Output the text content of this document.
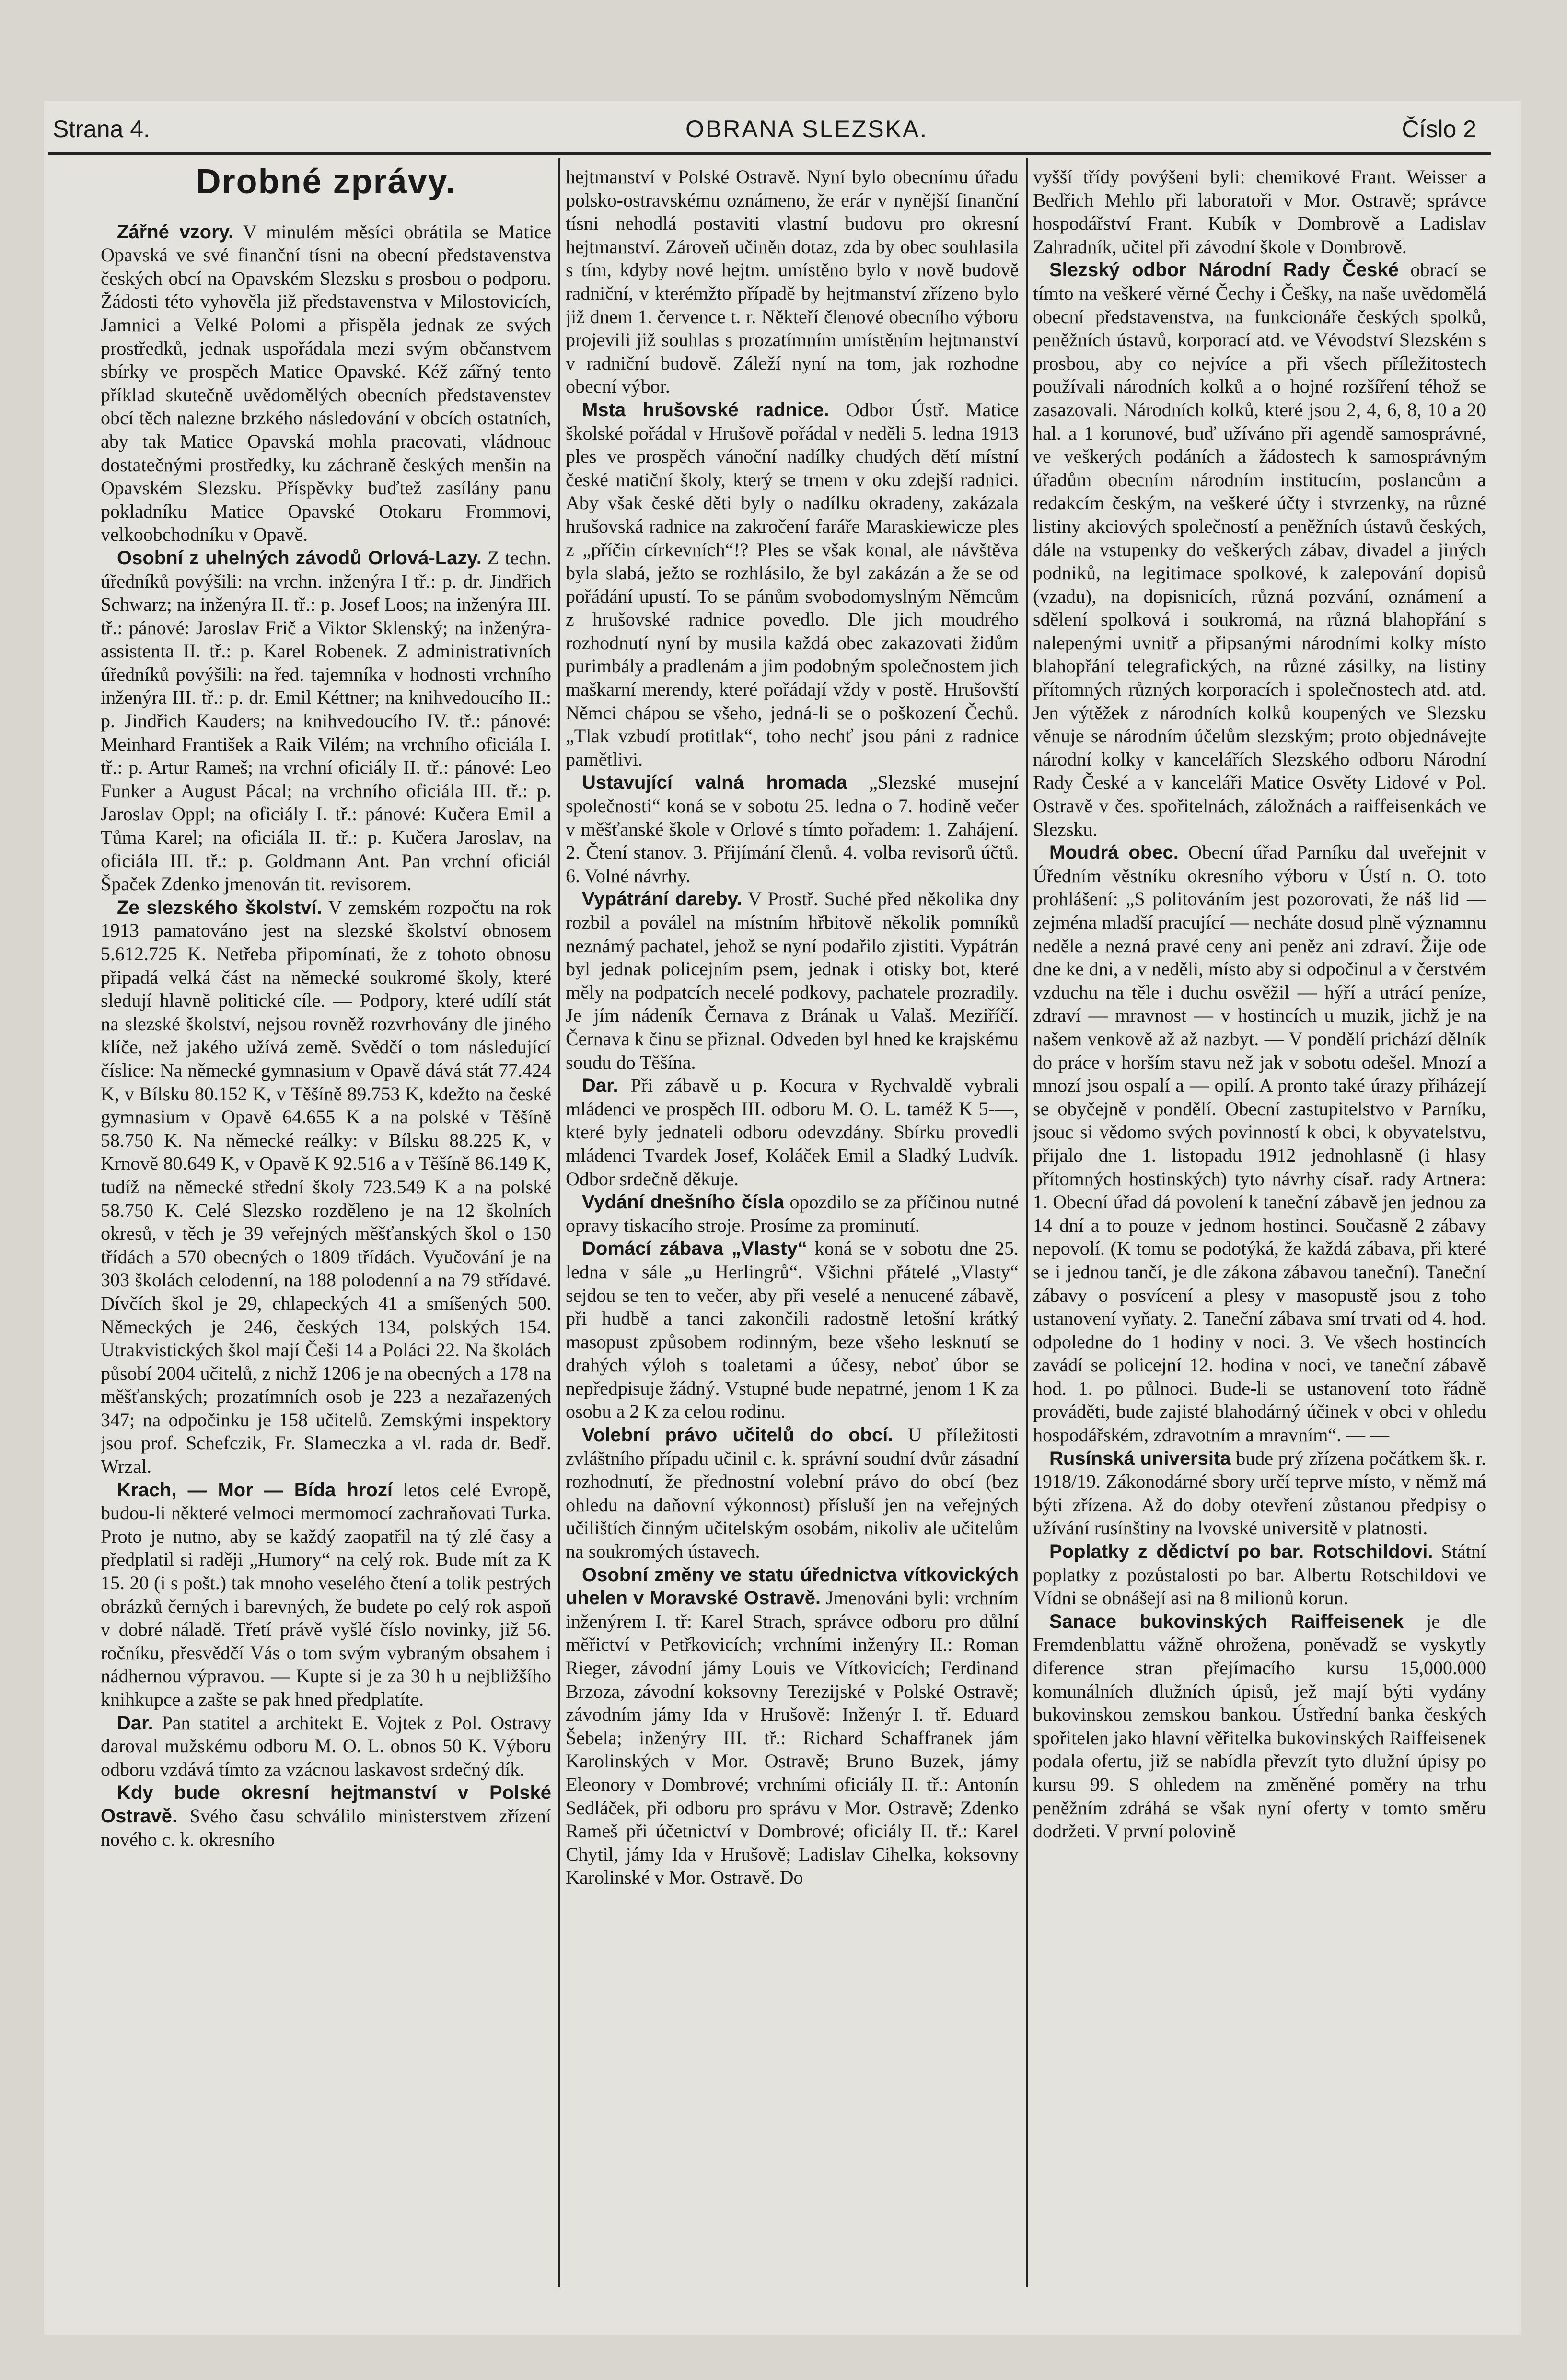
Strana 4.	OBRANA SLEZSKA.	Číslo 2
Drobné zprávy.

Zářné vzory. V minulém měsíci obrátila se Matice Opavská ve své finanční tísni na obecní představenstva českých obcí na Opavském Slezsku s prosbou o podporu. Žádosti této vyhověla již představenstva v Milostovicích, Jamnici a Velké Polomi a přispěla jednak ze svých prostředků, jednak uspořádala mezi svým občanstvem sbírky ve prospěch Matice Opavské. Kéž zářný tento příklad skutečně uvědomělých obecních představenstev obcí těch nalezne brzkého následování v obcích ostatních, aby tak Matice Opavská mohla pracovati, vládnouc dostatečnými prostředky, ku záchraně českých menšin na Opavském Slezsku. Příspěvky buďtež zasílány panu pokladníku Matice Opavské Otokaru Frommovi, velkoobchodníku v Opavě.

Osobní z uhelných závodů Orlová-Lazy. Z techn. úředníků povýšili: na vrchn. inženýra I tř.: p. dr. Jindřich Schwarz; na inženýra II. tř.: p. Josef Loos; na inženýra III. tř.: pánové: Jaroslav Frič a Viktor Sklenský; na inženýra-assistenta II. tř.: p. Karel Robenek. Z administrativních úředníků povýšili: na řed. tajemníka v hodnosti vrchního inženýra III. tř.: p. dr. Emil Kéttner; na knihvedoucího II.: p. Jindřich Kauders; na knihvedoucího IV. tř.: pánové: Meinhard František a Raik Vilém; na vrchního oficiála I. tř.: p. Artur Rameš; na vrchní oficiály II. tř.: pánové: Leo Funker a August Pácal; na vrchního oficiála III. tř.: p. Jaroslav Oppl; na oficiály I. tř.: pánové: Kučera Emil a Tůma Karel; na oficiála II. tř.: p. Kučera Jaroslav, na oficiála III. tř.: p. Goldmann Ant. Pan vrchní oficiál Špaček Zdenko jmenován tit. revisorem.

Ze slezského školství. V zemském rozpočtu na rok 1913 pamatováno jest na slezské školství obnosem 5.612.725 K. Netřeba připomínati, že z tohoto obnosu připadá velká část na německé soukromé školy, které sledují hlavně politické cíle. — Podpory, které udílí stát na slezské školství, nejsou rovněž rozvrhovány dle jiného klíče, než jakého užívá země. Svědčí o tom následující číslice: Na německé gymnasium v Opavě dává stát 77.424 K, v Bílsku 80.152 K, v Těšíně 89.753 K, kdežto na české gymnasium v Opavě 64.655 K a na polské v Těšíně 58.750 K. Na německé reálky: v Bílsku 88.225 K, v Krnově 80.649 K, v Opavě K 92.516 a v Těšíně 86.149 K, tudíž na německé střední školy 723.549 K a na polské 58.750 K. Celé Slezsko rozděleno je na 12 školních okresů, v těch je 39 veřejných měšťanských škol o 150 třídách a 570 obecných o 1809 třídách. Vyučování je na 303 školách celodenní, na 188 polodenní a na 79 střídavé. Dívčích škol je 29, chlapeckých 41 a smíšených 500. Německých je 246, českých 134, polských 154. Utrakvistických škol mají Češi 14 a Poláci 22. Na školách působí 2004 učitelů, z nichž 1206 je na obecných a 178 na měšťanských; prozatímních osob je 223 a nezařazených 347; na odpočinku je 158 učitelů. Zemskými inspektory jsou prof. Schefczik, Fr. Slameczka a vl. rada dr. Bedř. Wrzal.

Krach, — Mor — Bída hrozí letos celé Evropě, budou-li některé velmoci mermomocí zachraňovati Turka. Proto je nutno, aby se každý zaopatřil na tý zlé časy a předplatil si raději „Humory“ na celý rok. Bude mít za K 15. 20 (i s pošt.) tak mnoho veselého čtení a tolik pestrých obrázků černých i barevných, že budete po celý rok aspoň v dobré náladě. Třetí právě vyšlé číslo novinky, již 56. ročníku, přesvědčí Vás o tom svým vybraným obsahem i nádhernou výpravou. — Kupte si je za 30 h u nejbližšího knihkupce a zašte se pak hned předplatíte.

Dar. Pan statitel a architekt E. Vojtek z Pol. Ostravy daroval mužskému odboru M. O. L. obnos 50 K. Výboru odboru vzdává tímto za vzácnou laskavost srdečný dík.

Kdy bude okresní hejtmanství v Polské Ostravě. Svého času schválilo ministerstvem zřízení nového c. k. okresního

hejtmanství v Polské Ostravě. Nyní bylo obecnímu úřadu polsko-ostravskému oznámeno, že erár v nynější finanční tísni nehodlá postaviti vlastní budovu pro okresní hejtmanství. Zároveň učiněn dotaz, zda by obec souhlasila s tím, kdyby nové hejtm. umístěno bylo v nově budově radniční, v kterémžto případě by hejtmanství zřízeno bylo již dnem 1. července t. r. Někteří členové obecního výboru projevili již souhlas s prozatímním umístěním hejtmanství v radniční budově. Záleží nyní na tom, jak rozhodne obecní výbor.

Msta hrušovské radnice. Odbor Ústř. Matice školské pořádal v Hrušově pořádal v neděli 5. ledna 1913 ples ve prospěch vánoční nadílky chudých dětí místní české matiční školy, který se trnem v oku zdejší radnici. Aby však české děti byly o nadílku okradeny, zakázala hrušovská radnice na zakročení faráře Maraskiewicze ples z „příčin církevních“!? Ples se však konal, ale návštěva byla slabá, ježto se rozhlásilo, že byl zakázán a že se od pořádání upustí. To se pánům svobodomyslným Němcům z hrušovské radnice povedlo. Dle jich moudrého rozhodnutí nyní by musila každá obec zakazovati židům purimbály a pradlenám a jim podobným společnostem jich maškarní merendy, které pořádají vždy v postě. Hrušovští Němci chápou se všeho, jedná-li se o poškození Čechů. „Tlak vzbudí protitlak“, toho nechť jsou páni z radnice pamětlivi.

Ustavující valná hromada „Slezské musejní společnosti“ koná se v sobotu 25. ledna o 7. hodině večer v měšťanské škole v Orlové s tímto pořadem: 1. Zahájení. 2. Čtení stanov. 3. Přijímání členů. 4. volba revisorů účtů. 6. Volné návrhy.

Vypátrání dareby. V Prostř. Suché před několika dny rozbil a poválel na místním hřbitově několik pomníků neznámý pachatel, jehož se nyní podařilo zjistiti. Vypátrán byl jednak policejním psem, jednak i otisky bot, které měly na podpatcích necelé podkovy, pachatele prozradily. Je jím nádeník Černava z Brának u Valaš. Meziříčí. Černava k činu se přiznal. Odveden byl hned ke krajskému soudu do Těšína.

Dar. Při zábavě u p. Kocura v Rychvaldě vybrali mládenci ve prospěch III. odboru M. O. L. taméž K 5-—, které byly jednateli odboru odevzdány. Sbírku provedli mládenci Tvardek Josef, Koláček Emil a Sladký Ludvík. Odbor srdečně děkuje.

Vydání dnešního čísla opozdilo se za příčinou nutné opravy tiskacího stroje. Prosíme za prominutí.

Domácí zábava „Vlasty“ koná se v sobotu dne 25. ledna v sále „u Herlingrů“. Všichni přátelé „Vlasty“ sejdou se ten to večer, aby při veselé a nenucené zábavě, při hudbě a tanci zakončili radostně letošní krátký masopust způsobem rodinným, beze všeho lesknutí se drahých výloh s toaletami a účesy, neboť úbor se nepředpisuje žádný. Vstupné bude nepatrné, jenom 1 K za osobu a 2 K za celou rodinu.

Volební právo učitelů do obcí. U příležitosti zvláštního případu učinil c. k. správní soudní dvůr zásadní rozhodnutí, že přednostní volební právo do obcí (bez ohledu na daňovní výkonnost) přísluší jen na veřejných učilištích činným učitelským osobám, nikoliv ale učitelům na soukromých ústavech.

Osobní změny ve statu úřednictva vítkovických uhelen v Moravské Ostravě. Jmenováni byli: vrchním inženýrem I. tř: Karel Strach, správce odboru pro důlní měřictví v Petřkovicích; vrchními inženýry II.: Roman Rieger, závodní jámy Louis ve Vítkovicích; Ferdinand Brzoza, závodní koksovny Terezijské v Polské Ostravě; závodním jámy Ida v Hrušově: Inženýr I. tř. Eduard Šebela; inženýry III. tř.: Richard Schaffranek jám Karolinských v Mor. Ostravě; Bruno Buzek, jámy Eleonory v Dombrové; vrchními oficiály II. tř.: Antonín Sedláček, při odboru pro správu v Mor. Ostravě; Zdenko Rameš při účetnictví v Dombrové; oficiály II. tř.: Karel Chytil, jámy Ida v Hrušově; Ladislav Cihelka, koksovny Karolinské v Mor. Ostravě. Do

vyšší třídy povýšeni byli: chemikové Frant. Weisser a Bedřich Mehlo při laboratoři v Mor. Ostravě; správce hospodářství Frant. Kubík v Dombrově a Ladislav Zahradník, učitel při závodní škole v Dombrově.

Slezský odbor Národní Rady České obrací se tímto na veškeré věrné Čechy i Češky, na naše uvědomělá obecní představenstva, na funkcionáře českých spolků, peněžních ústavů, korporací atd. ve Vévodství Slezském s prosbou, aby co nejvíce a při všech příležitostech používali národních kolků a o hojné rozšíření téhož se zasazovali. Národních kolků, které jsou 2, 4, 6, 8, 10 a 20 hal. a 1 korunové, buď užíváno při agendě samosprávné, ve veškerých podáních a žádostech k samosprávným úřadům obecním národním institucím, poslancům a redakcím českým, na veškeré účty i stvrzenky, na různé listiny akciových společností a peněžních ústavů českých, dále na vstupenky do veškerých zábav, divadel a jiných podniků, na legitimace spolkové, k zalepování dopisů (vzadu), na dopisnicích, různá pozvání, oznámení a sdělení spolková i soukromá, na různá blahopřání s nalepenými uvnitř a připsanými národními kolky místo blahopřání telegrafických, na různé zásilky, na listiny přítomných různých korporacích i společnostech atd. atd. Jen výtěžek z národních kolků koupených ve Slezsku věnuje se národním účelům slezským; proto objednávejte národní kolky v kancelářích Slezského odboru Národní Rady České a v kanceláři Matice Osvěty Lidové v Pol. Ostravě v čes. spořitelnách, záložnách a raiffeisenkách ve Slezsku.

Moudrá obec. Obecní úřad Parníku dal uveřejnit v Úředním věstníku okresního výboru v Ústí n. O. toto prohlášení: „S politováním jest pozorovati, že náš lid — zejména mladší pracující — necháte dosud plně významnu neděle a nezná pravé ceny ani peněz ani zdraví. Žije ode dne ke dni, a v neděli, místo aby si odpočinul a v čerstvém vzduchu na těle i duchu osvěžil — hýří a utrácí peníze, zdraví — mravnost — v hostincích u muzik, jichž je na našem venkově až až nazbyt. — V pondělí prichází dělník do práce v horším stavu než jak v sobotu odešel. Mnozí a mnozí jsou ospalí a — opilí. A pronto také úrazy přiházejí se obyčejně v pondělí. Obecní zastupitelstvo v Parníku, jsouc si vědomo svých povinností k obci, k obyvatelstvu, přijalo dne 1. listopadu 1912 jednohlasně (i hlasy přítomných hostinských) tyto návrhy císař. rady Artnera: 1. Obecní úřad dá povolení k taneční zábavě jen jednou za 14 dní a to pouze v jednom hostinci. Současně 2 zábavy nepovolí. (K tomu se podotýká, že každá zábava, při které se i jednou tančí, je dle zákona zábavou taneční). Taneční zábavy o posvícení a plesy v masopustě jsou z toho ustanovení vyňaty. 2. Taneční zábava smí trvati od 4. hod. odpoledne do 1 hodiny v noci. 3. Ve všech hostincích zavádí se policejní 12. hodina v noci, ve taneční zábavě hod. 1. po půlnoci. Bude-li se ustanovení toto řádně prováděti, bude zajisté blahodárný účinek v obci v ohledu hospodářském, zdravotním a mravním“. — —

Rusínská universita bude prý zřízena počátkem šk. r. 1918/19. Zákonodárné sbory určí teprve místo, v němž má býti zřízena. Až do doby otevření zůstanou předpisy o užívání rusínštiny na lvovské universitě v platnosti.

Poplatky z dědictví po bar. Rotschildovi. Státní poplatky z pozůstalosti po bar. Albertu Rotschildovi ve Vídni se obnášejí asi na 8 milionů korun.

Sanace bukovinských Raiffeisenek je dle Fremdenblattu vážně ohrožena, poněvadž se vyskytly diference stran přejímacího kursu 15,000.000 komunálních dlužních úpisů, jež mají býti vydány bukovinskou zemskou bankou. Ústřední banka českých spořitelen jako hlavní věřitelka bukovinských Raiffeisenek podala ofertu, již se nabídla převzít tyto dlužní úpisy po kursu 99. S ohledem na změněné poměry na trhu peněžním zdráhá se však nyní oferty v tomto směru dodržeti. V první polovině
